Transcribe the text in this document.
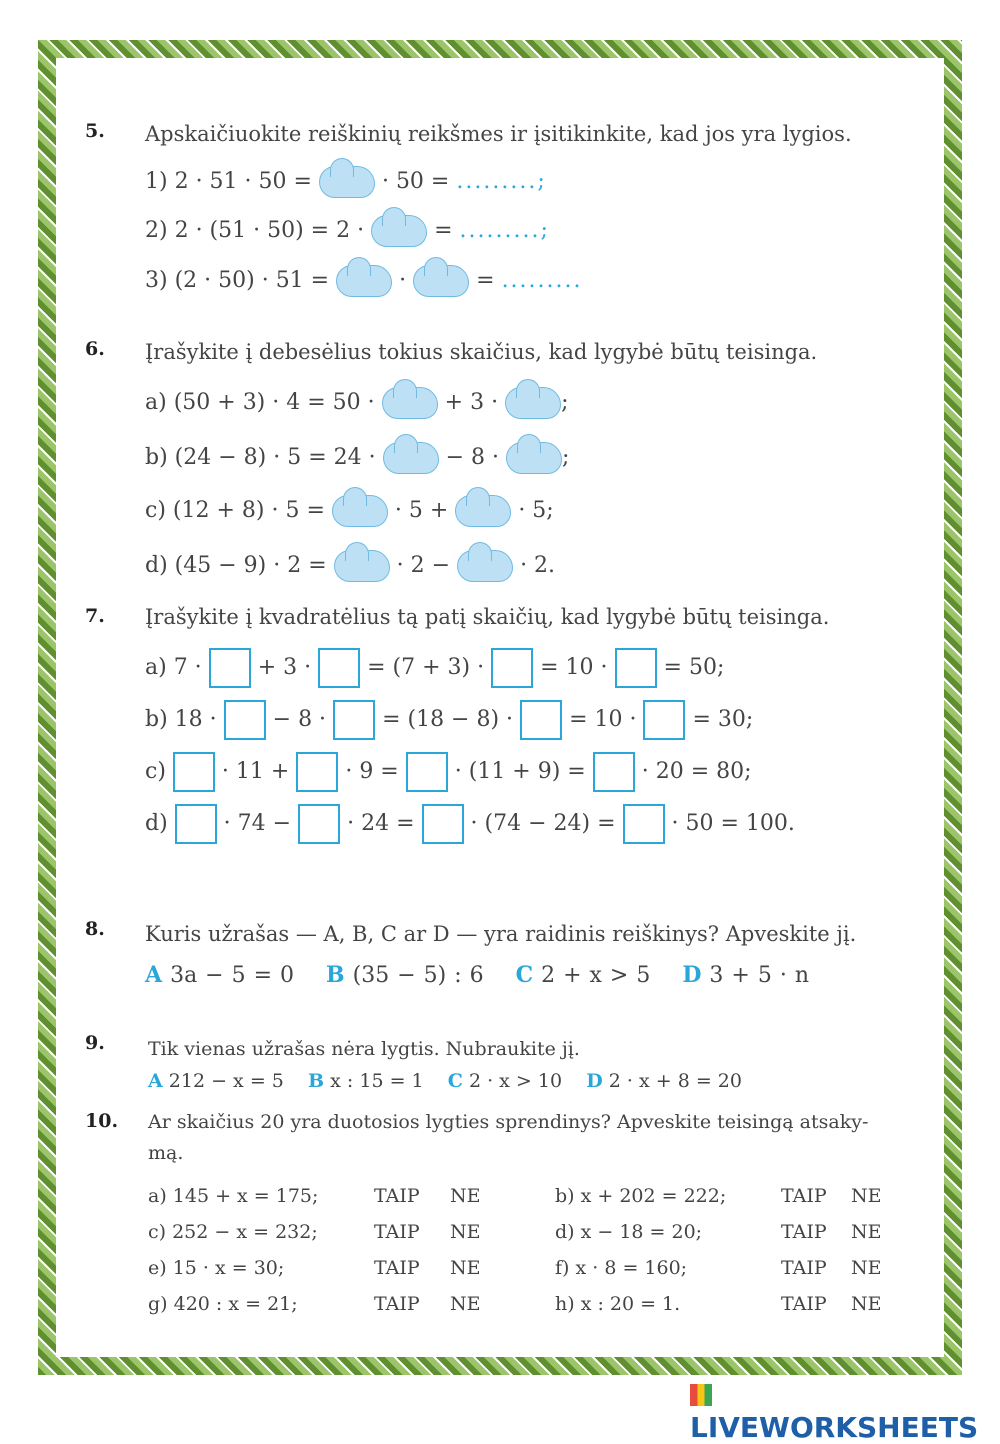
5. Apskaičiuokite reiškinių reikšmes ir įsitikinkite, kad jos yra lygios.
1) 2 · 51 · 50 =	· 50 = .........;
2) 2 · (51 · 50) = 2 ·	= .........;
3) (2 · 50) · 51 =	·	= .........
6. Įrašykite į debesėlius tokius skaičius, kad lygybė būtų teisinga.
a) (50 + 3) · 4 = 50 ·	+ 3 ·	;
b) (24 − 8) · 5 = 24 ·	− 8 ·	;
c) (12 + 8) · 5 =	· 5 +	· 5;
d) (45 − 9) · 2 =	· 2 −	· 2.
7. Įrašykite į kvadratėlius tą patį skaičių, kad lygybė būtų teisinga.
a) 7 ·	+ 3 ·	= (7 + 3) ·	= 10 ·	= 50;
b) 18 ·	− 8 ·	= (18 − 8) ·	= 10 ·	= 30;
c)	· 11 +	· 9 =	· (11 + 9) =	· 20 = 80;
d)	· 74 −	· 24 =	· (74 − 24) =	· 50 = 100.
8. Kuris užrašas — A, B, C ar D — yra raidinis reiškinys? Apveskite jį.
A 3a − 5 = 0 B (35 − 5) : 6 C 2 + x > 5 D 3 + 5 · n
9. Tik vienas užrašas nėra lygtis. Nubraukite jį.
A 212 − x = 5 B x : 15 = 1 C 2 · x > 10 D 2 · x + 8 = 20
10. Ar skaičius 20 yra duotosios lygties sprendinys? Apveskite teisingą atsaky-
mą.
a) 145 + x = 175;	TAIP	NE	b) x + 202 = 222;	TAIP	NE
c) 252 − x = 232;	TAIP	NE	d) x − 18 = 20;	TAIP	NE
e) 15 · x = 30;	TAIP	NE	f) x · 8 = 160;	TAIP	NE
g) 420 : x = 21;	TAIP	NE	h) x : 20 = 1.	TAIP	NE
LIVEWORKSHEETS
